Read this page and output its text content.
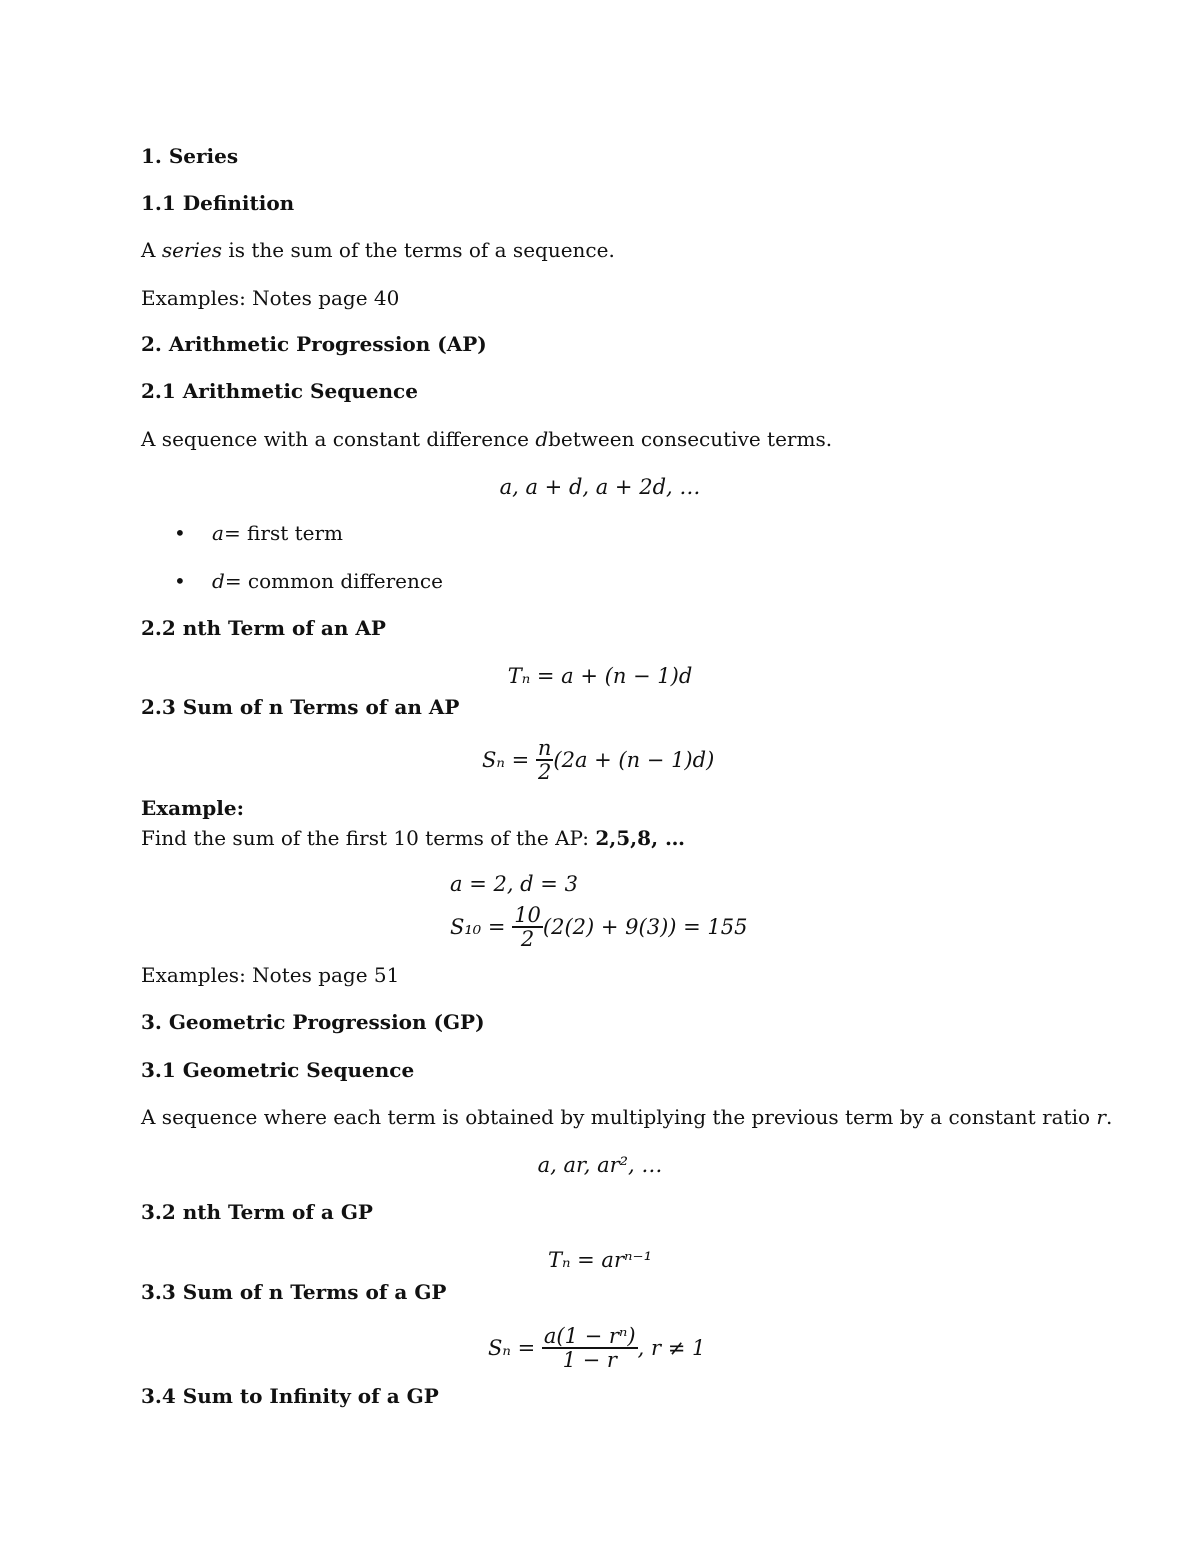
1. Series
1.1 Definition
A series is the sum of the terms of a sequence.
Examples: Notes page 40
2. Arithmetic Progression (AP)
2.1 Arithmetic Sequence
A sequence with a constant difference dbetween consecutive terms.
a, a + d, a + 2d, …
• a= first term
• d= common difference
2.2 nth Term of an AP
Tₙ = a + (n − 1)d
2.3 Sum of n Terms of an AP
$S_n = \frac{n}{2} (2a + (n - 1)d)$
Example:
Find the sum of the first 10 terms of the AP: 2,5,8, …
a = 2, d = 3
$S_{10} = \frac{10}{2} (2(2) + 9(3)) = 155$
Examples: Notes page 51
3. Geometric Progression (GP)
3.1 Geometric Sequence
A sequence where each term is obtained by multiplying the previous term by a constant ratio r.
a, ar, ar², …
3.2 nth Term of a GP
Tₙ = arⁿ⁻¹
3.3 Sum of n Terms of a GP
$S_n = \frac{\text{a(1 − rⁿ)}}{1 - r}$ , r ≠ 1
3.4 Sum to Infinity of a GP
